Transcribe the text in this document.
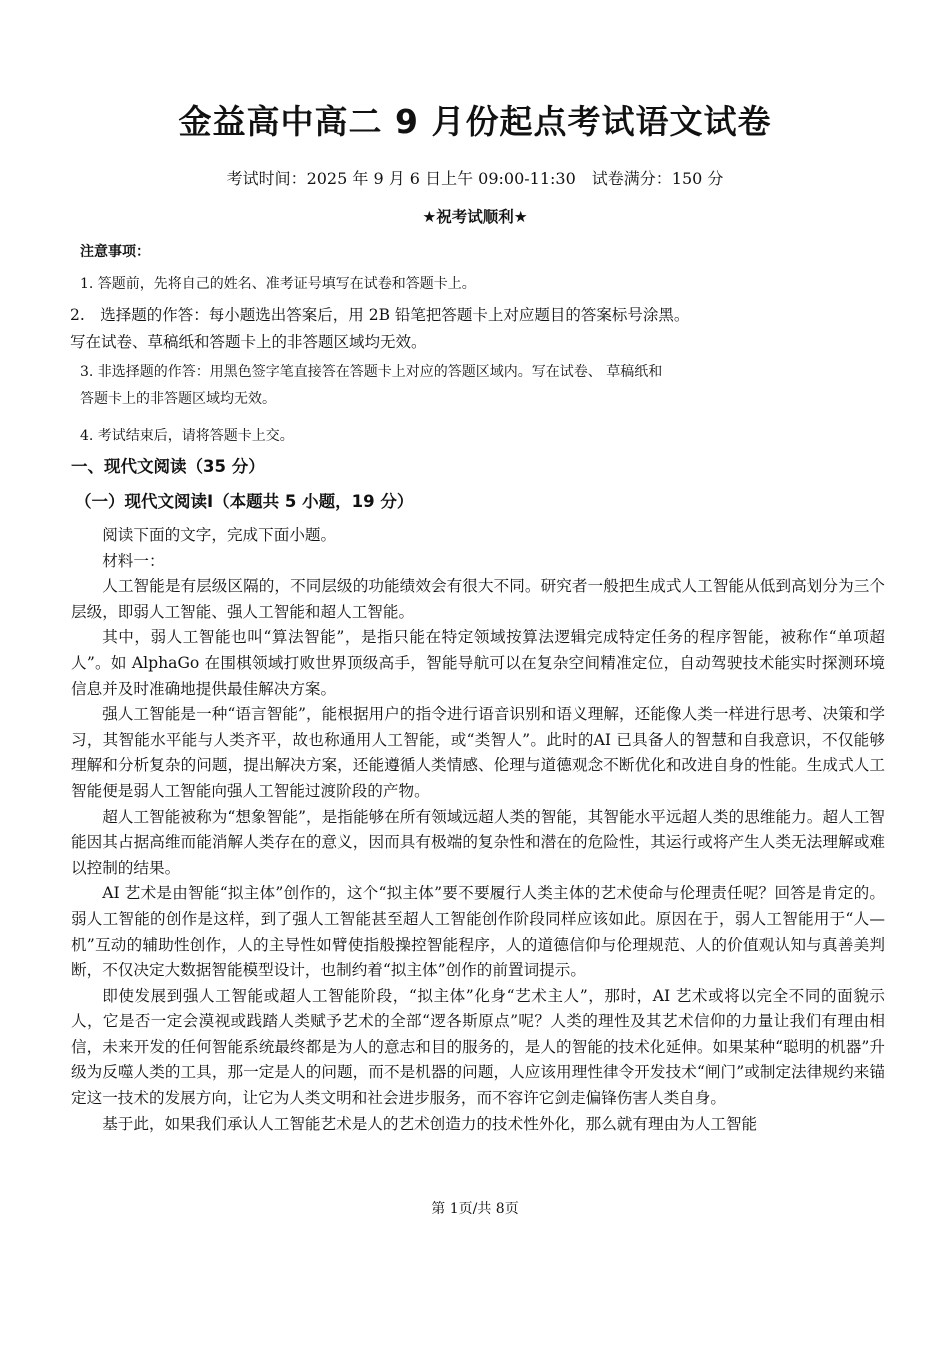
金益高中高二 9 月份起点考试语文试卷

考试时间：2025 年 9 月 6 日上午 09:00-11:30　试卷满分：150 分

★祝考试顺利★

注意事项：

1. 答题前，先将自己的姓名、准考证号填写在试卷和答题卡上。

2.　选择题的作答：每小题选出答案后，用 2B 铅笔把答题卡上对应题目的答案标号涂黑。

写在试卷、草稿纸和答题卡上的非答题区域均无效。

3. 非选择题的作答：用黑色签字笔直接答在答题卡上对应的答题区域内。写在试卷、 草稿纸和

答题卡上的非答题区域均无效。

4. 考试结束后，请将答题卡上交。

一、现代文阅读（35 分）

（一）现代文阅读Ⅰ（本题共 5 小题，19 分）

阅读下面的文字，完成下面小题。

材料一：

人工智能是有层级区隔的，不同层级的功能绩效会有很大不同。研究者一般把生成式人工智能从低到高划分为三个层级，即弱人工智能、强人工智能和超人工智能。

其中，弱人工智能也叫“算法智能”，是指只能在特定领域按算法逻辑完成特定任务的程序智能，被称作“单项超人”。如 AlphaGo 在围棋领域打败世界顶级高手，智能导航可以在复杂空间精准定位，自动驾驶技术能实时探测环境信息并及时准确地提供最佳解决方案。

强人工智能是一种“语言智能”，能根据用户的指令进行语音识别和语义理解，还能像人类一样进行思考、决策和学习，其智能水平能与人类齐平，故也称通用人工智能，或“类智人”。此时的AI 已具备人的智慧和自我意识，不仅能够理解和分析复杂的问题，提出解决方案，还能遵循人类情感、伦理与道德观念不断优化和改进自身的性能。生成式人工智能便是弱人工智能向强人工智能过渡阶段的产物。

超人工智能被称为“想象智能”，是指能够在所有领域远超人类的智能，其智能水平远超人类的思维能力。超人工智能因其占据高维而能消解人类存在的意义，因而具有极端的复杂性和潜在的危险性，其运行或将产生人类无法理解或难以控制的结果。

AI 艺术是由智能“拟主体”创作的，这个“拟主体”要不要履行人类主体的艺术使命与伦理责任呢？回答是肯定的。弱人工智能的创作是这样，到了强人工智能甚至超人工智能创作阶段同样应该如此。原因在于，弱人工智能用于“人—机”互动的辅助性创作，人的主导性如臂使指般操控智能程序，人的道德信仰与伦理规范、人的价值观认知与真善美判断，不仅决定大数据智能模型设计，也制约着“拟主体”创作的前置词提示。

即使发展到强人工智能或超人工智能阶段，“拟主体”化身“艺术主人”，那时，AI 艺术或将以完全不同的面貌示人，它是否一定会漠视或践踏人类赋予艺术的全部“逻各斯原点”呢？人类的理性及其艺术信仰的力量让我们有理由相信，未来开发的任何智能系统最终都是为人的意志和目的服务的，是人的智能的技术化延伸。如果某种“聪明的机器”升级为反噬人类的工具，那一定是人的问题，而不是机器的问题，人应该用理性律令开发技术“闸门”或制定法律规约来锚定这一技术的发展方向，让它为人类文明和社会进步服务，而不容许它剑走偏锋伤害人类自身。

基于此，如果我们承认人工智能艺术是人的艺术创造力的技术性外化，那么就有理由为人工智能

第 1页/共 8页
